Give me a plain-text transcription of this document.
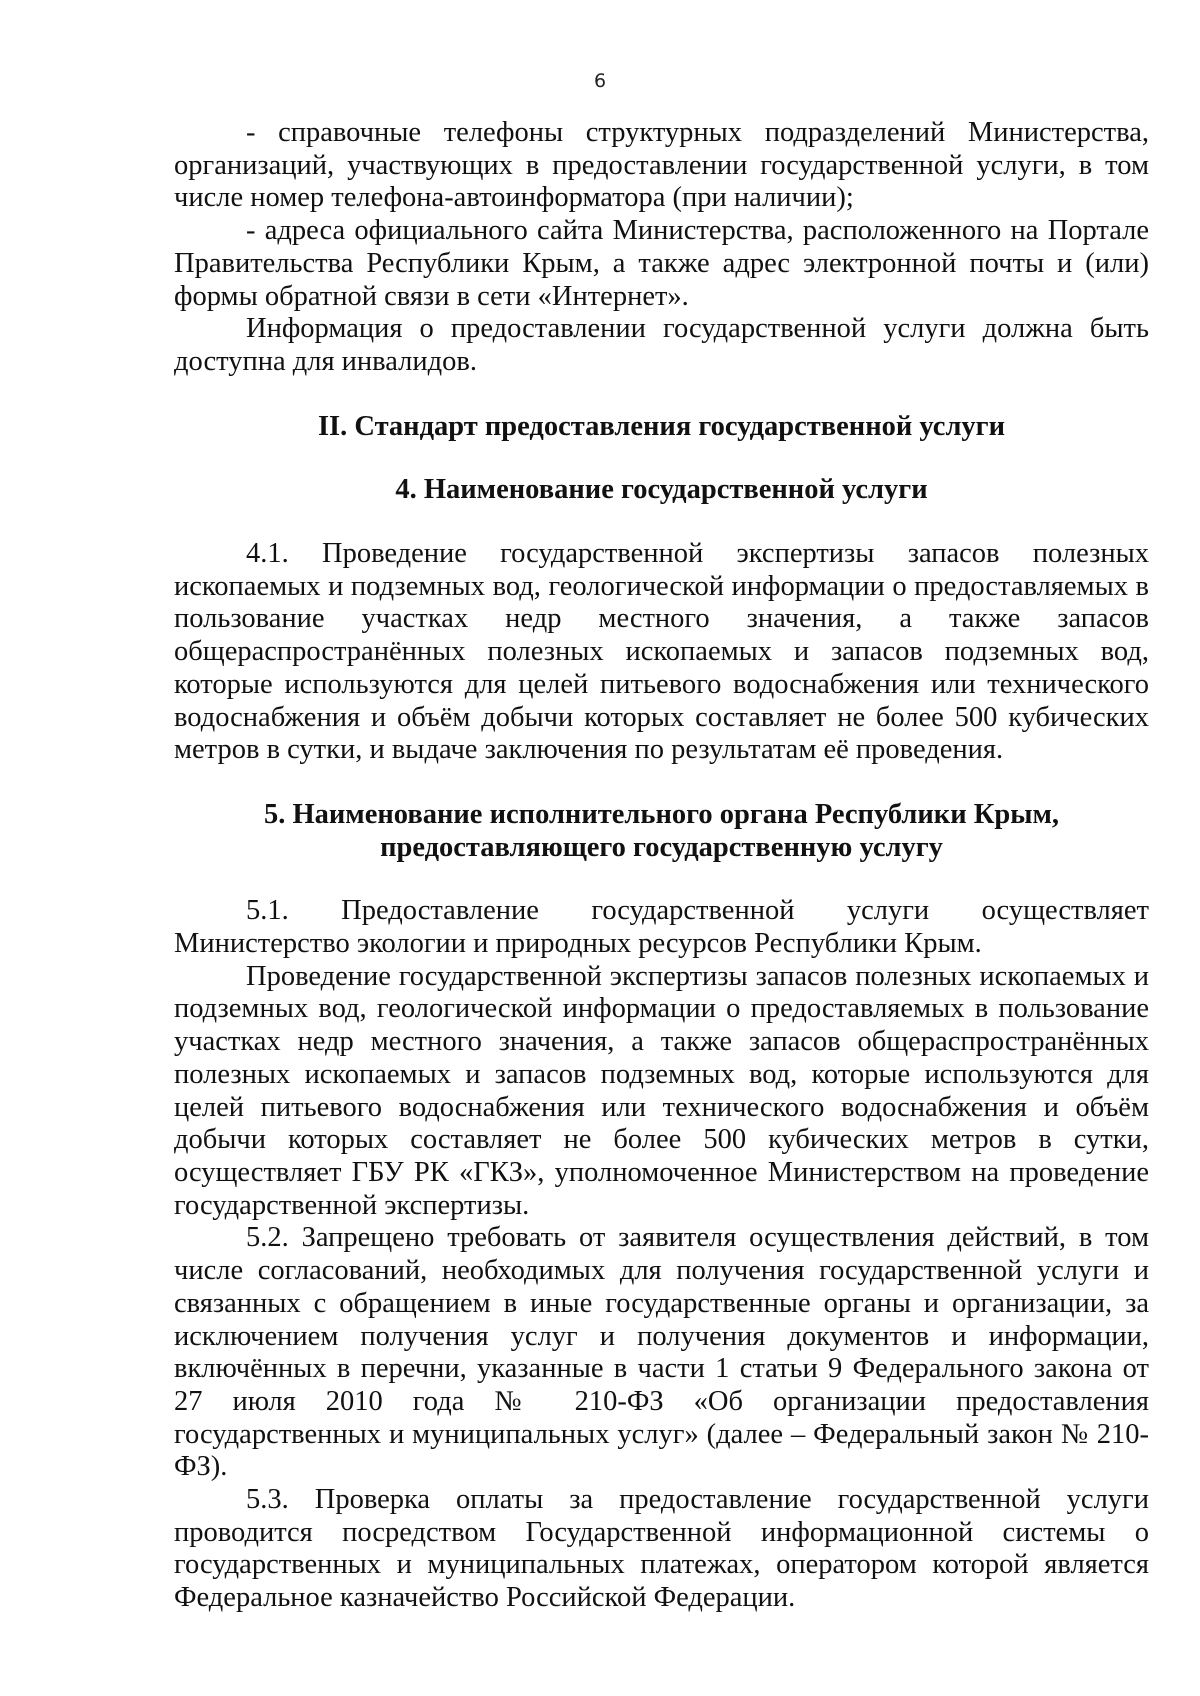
6

- справочные телефоны структурных подразделений Министерства, организаций, участвующих в предоставлении государственной услуги, в том числе номер телефона-автоинформатора (при наличии);

- адреса официального сайта Министерства, расположенного на Портале Правительства Республики Крым, а также адрес электронной почты и (или) формы обратной связи в сети «Интернет».

Информация о предоставлении государственной услуги должна быть доступна для инвалидов.

II. Стандарт предоставления государственной услуги

4. Наименование государственной услуги

4.1. Проведение государственной экспертизы запасов полезных ископаемых и подземных вод, геологической информации о предоставляемых в пользование участках недр местного значения, а также запасов общераспространённых полезных ископаемых и запасов подземных вод, которые используются для целей питьевого водоснабжения или технического водоснабжения и объём добычи которых составляет не более 500 кубических метров в сутки, и выдаче заключения по результатам её проведения.

5. Наименование исполнительного органа Республики Крым,

предоставляющего государственную услугу

5.1. Предоставление государственной услуги осуществляет Министерство экологии и природных ресурсов Республики Крым.

Проведение государственной экспертизы запасов полезных ископаемых и подземных вод, геологической информации о предоставляемых в пользование участках недр местного значения, а также запасов общераспространённых полезных ископаемых и запасов подземных вод, которые используются для целей питьевого водоснабжения или технического водоснабжения и объём добычи которых составляет не более 500 кубических метров в сутки, осуществляет ГБУ РК «ГКЗ», уполномоченное Министерством на проведение государственной экспертизы.

5.2. Запрещено требовать от заявителя осуществления действий, в том числе согласований, необходимых для получения государственной услуги и связанных с обращением в иные государственные органы и организации, за исключением получения услуг и получения документов и информации, включённых в перечни, указанные в части 1 статьи 9 Федерального закона от 27 июля 2010 года № 210-ФЗ «Об организации предоставления государственных и муниципальных услуг» (далее – Федеральный закон № 210-ФЗ).

5.3. Проверка оплаты за предоставление государственной услуги проводится посредством Государственной информационной системы о государственных и муниципальных платежах, оператором которой является Федеральное казначейство Российской Федерации.
